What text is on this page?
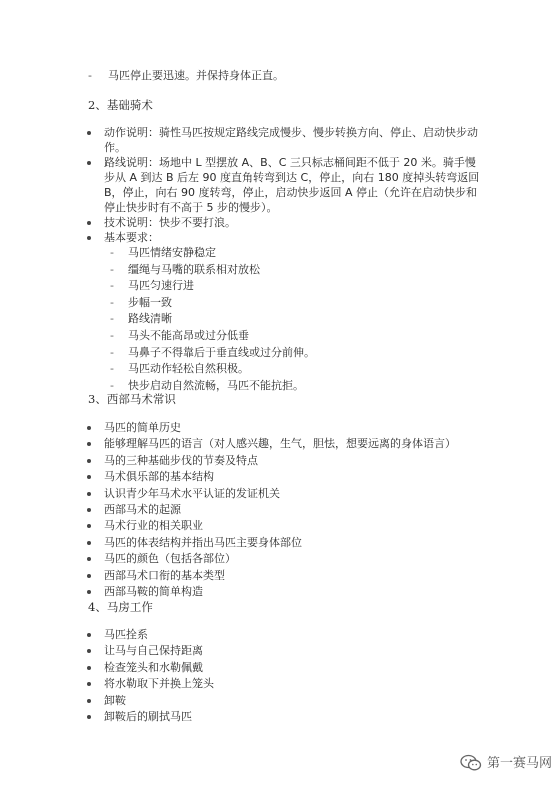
- 马匹停止要迅速。并保持身体正直。
2、基础骑术
动作说明：骑性马匹按规定路线完成慢步、慢步转换方向、停止、启动快步动作。
路线说明：场地中 L 型摆放 A、B、C 三只标志桶间距不低于 20 米。骑手慢步从 A 到达 B 后左 90 度直角转弯到达 C，停止，向右 180 度掉头转弯返回 B，停止，向右 90 度转弯，停止，启动快步返回 A 停止（允许在启动快步和停止快步时有不高于 5 步的慢步）。
技术说明：快步不要打浪。
基本要求：
- 马匹情绪安静稳定
- 缰绳与马嘴的联系相对放松
- 马匹匀速行进
- 步幅一致
- 路线清晰
- 马头不能高昂或过分低垂
- 马鼻子不得靠后于垂直线或过分前伸。
- 马匹动作轻松自然积极。
- 快步启动自然流畅，马匹不能抗拒。
3、西部马术常识
马匹的简单历史
能够理解马匹的语言（对人感兴趣，生气，胆怯，想要远离的身体语言）
马的三种基础步伐的节奏及特点
马术俱乐部的基本结构
认识青少年马术水平认证的发证机关
西部马术的起源
马术行业的相关职业
马匹的体表结构并指出马匹主要身体部位
马匹的颜色（包括各部位）
西部马术口衔的基本类型
西部马鞍的简单构造
4、马房工作
马匹拴系
让马与自己保持距离
检查笼头和水勒佩戴
将水勒取下并换上笼头
卸鞍
卸鞍后的刷拭马匹
第一赛马网
